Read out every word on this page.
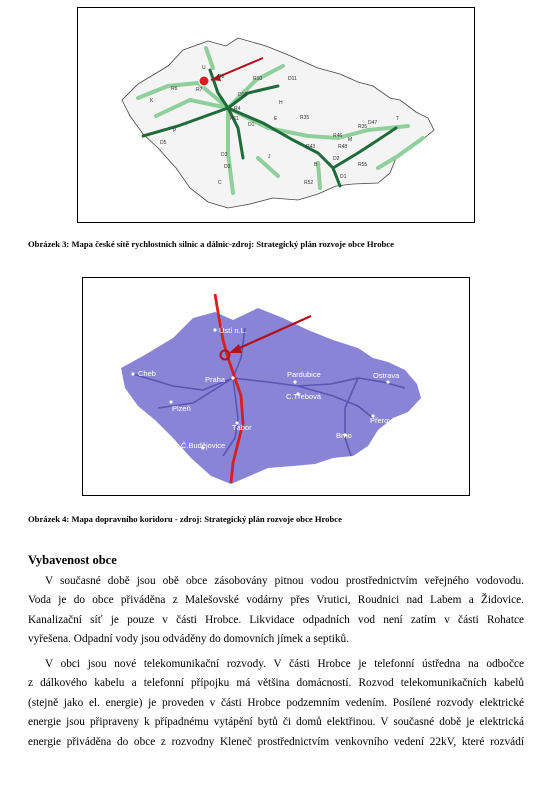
U
R7
D8
R6
K
R10	D11
H
D10
R11	R35
E
P
R4
D5
D1
D3
R35
R46
R48
M
D47
T
D2
J
R43
C
B
R52
D3	R55
D1
Obrázek 3: Mapa české sítě rychlostních silnic a dálnic-zdroj: Strategický plán rozvoje obce Hrobce
Ústí n.L.
Cheb
Praha
Pardubice	Ostrava
Plzeň
C.Třebová
Přerov
Tábor
Brno
Č.Budějovice
Břeclav
Obrázek 4: Mapa dopravního koridoru - zdroj: Strategický plán rozvoje obce Hrobce
Vybavenost obce
V současné době jsou obě obce zásobovány pitnou vodou prostřednictvím veřejného vodovodu.
Voda je do obce přiváděna z Malešovské vodárny přes Vrutici, Roudnici nad Labem a Židovice.
Kanalizační síť je pouze v části Hrobce. Likvidace odpadních vod není zatím v části Rohatce
vyřešena. Odpadní vody jsou odváděny do domovních jímek a septiků.
V obci jsou nové telekomunikační rozvody. V části Hrobce je telefonní ústředna na odbočce
z dálkového kabelu a telefonní přípojku má většina domácností. Rozvod telekomunikačních kabelů
(stejně jako el. energie) je proveden v části Hrobce podzemním vedením. Posílené rozvody elektrické
energie jsou připraveny k případnému vytápění bytů či domů elektřinou. V současné době je elektrická
energie přiváděna do obce z rozvodny Kleneč prostřednictvím venkovního vedení 22kV, které rozvádí
